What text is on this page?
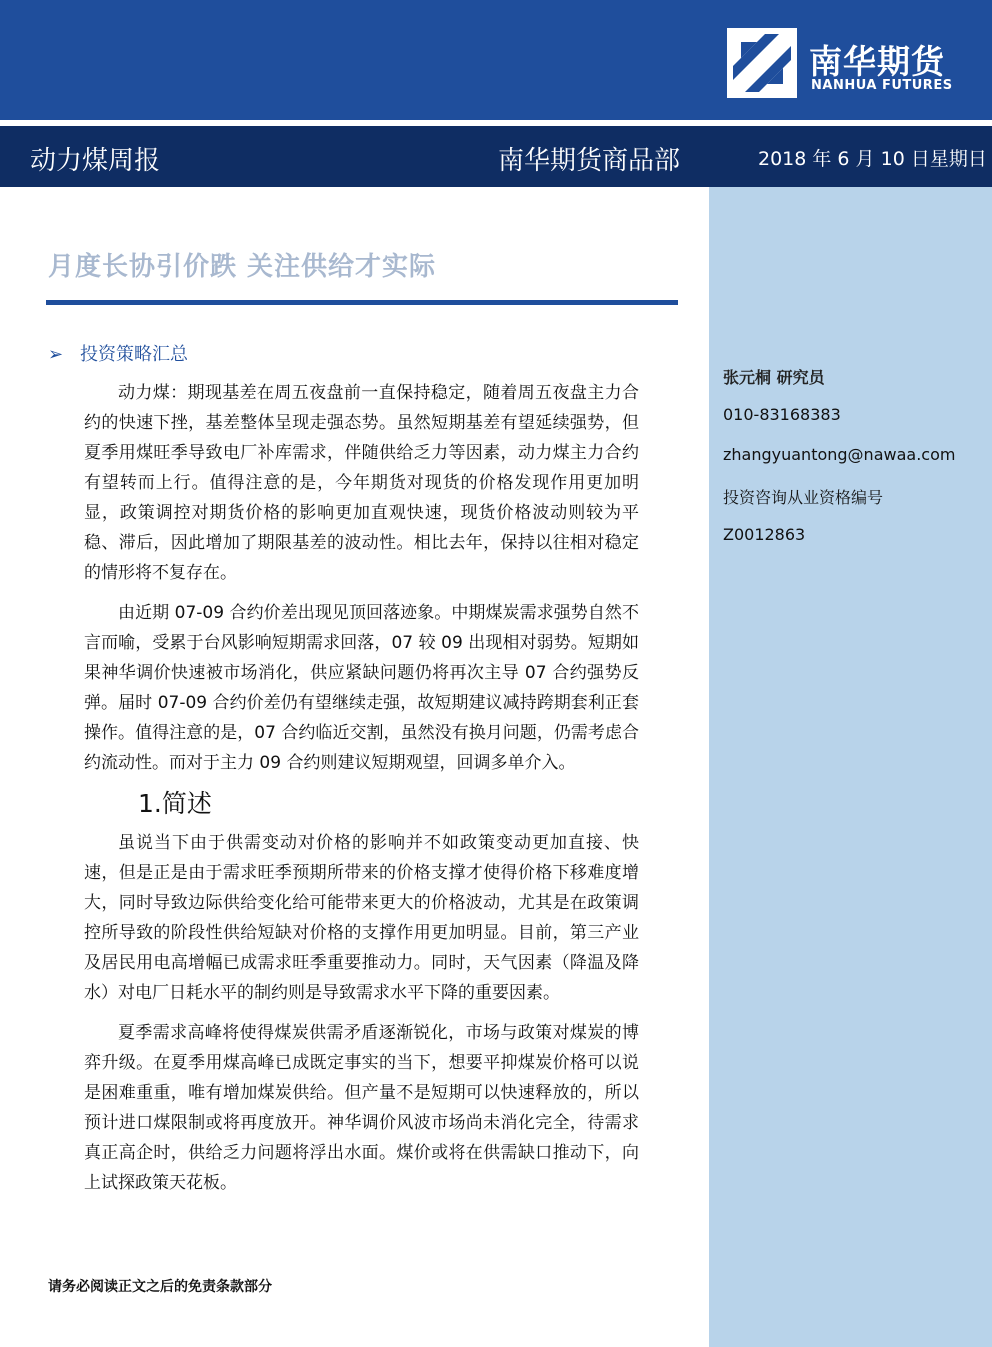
南华期货
NANHUA FUTURES
动力煤周报	南华期货商品部	2018 年 6 月 10 日星期日
张元桐 研究员
010-83168383
zhangyuantong@nawaa.com
投资咨询从业资格编号
Z0012863
月度长协引价跌 关注供给才实际
➢ 投资策略汇总

动力煤：期现基差在周五夜盘前一直保持稳定，随着周五夜盘主力合约的快速下挫，基差整体呈现走强态势。虽然短期基差有望延续强势，但夏季用煤旺季导致电厂补库需求，伴随供给乏力等因素，动力煤主力合约有望转而上行。值得注意的是，今年期货对现货的价格发现作用更加明显，政策调控对期货价格的影响更加直观快速，现货价格波动则较为平稳、滞后，因此增加了期限基差的波动性。相比去年，保持以往相对稳定的情形将不复存在。

由近期 07-09 合约价差出现见顶回落迹象。中期煤炭需求强势自然不言而喻，受累于台风影响短期需求回落，07 较 09 出现相对弱势。短期如果神华调价快速被市场消化，供应紧缺问题仍将再次主导 07 合约强势反弹。届时 07-09 合约价差仍有望继续走强，故短期建议减持跨期套利正套操作。值得注意的是，07 合约临近交割，虽然没有换月问题，仍需考虑合约流动性。而对于主力 09 合约则建议短期观望，回调多单介入。

1.简述

虽说当下由于供需变动对价格的影响并不如政策变动更加直接、快速，但是正是由于需求旺季预期所带来的价格支撑才使得价格下移难度增大，同时导致边际供给变化给可能带来更大的价格波动，尤其是在政策调控所导致的阶段性供给短缺对价格的支撑作用更加明显。目前，第三产业及居民用电高增幅已成需求旺季重要推动力。同时，天气因素（降温及降水）对电厂日耗水平的制约则是导致需求水平下降的重要因素。

夏季需求高峰将使得煤炭供需矛盾逐渐锐化，市场与政策对煤炭的博弈升级。在夏季用煤高峰已成既定事实的当下，想要平抑煤炭价格可以说是困难重重，唯有增加煤炭供给。但产量不是短期可以快速释放的，所以预计进口煤限制或将再度放开。神华调价风波市场尚未消化完全，待需求真正高企时，供给乏力问题将浮出水面。煤价或将在供需缺口推动下，向上试探政策天花板。

请务必阅读正文之后的免责条款部分
